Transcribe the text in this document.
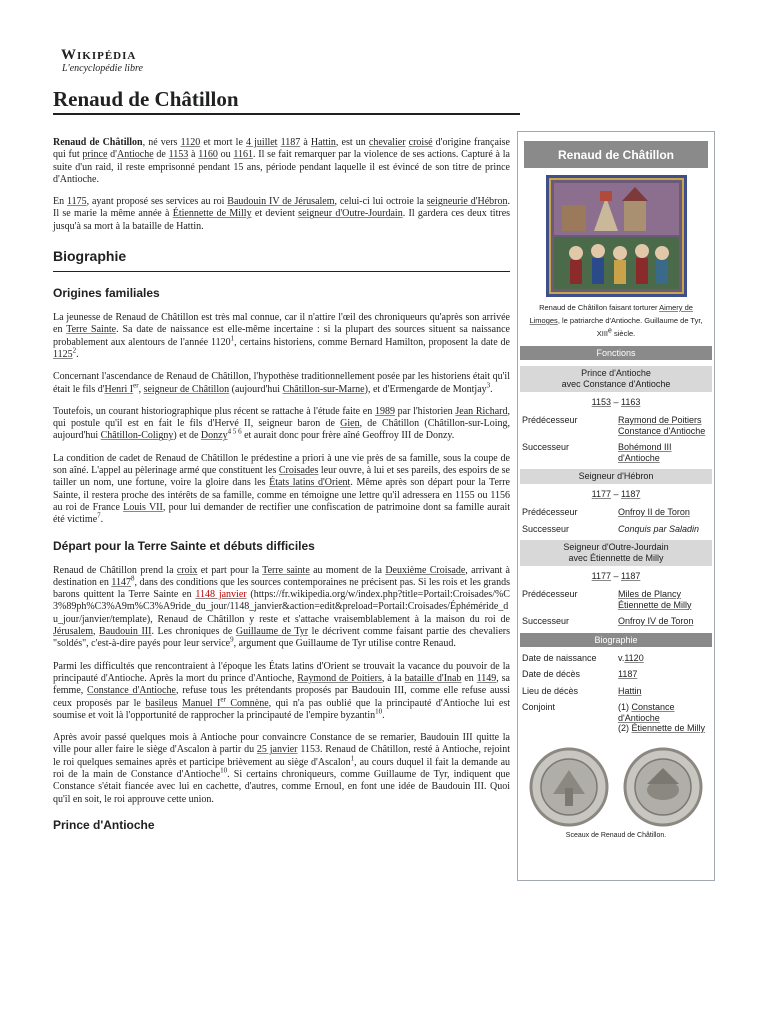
Wikipédia
L'encyclopédie libre
Renaud de Châtillon

Renaud de Châtillon, né vers 1120 et mort le 4 juillet 1187 à Hattin, est un chevalier croisé d'origine française qui fut prince d'Antioche de 1153 à 1160 ou 1161. Il se fait remarquer par la violence de ses actions. Capturé à la suite d'un raid, il reste emprisonné pendant 15 ans, période pendant laquelle il est évincé de son titre de prince d'Antioche.

En 1175, ayant proposé ses services au roi Baudouin IV de Jérusalem, celui-ci lui octroie la seigneurie d'Hébron. Il se marie la même année à Étiennette de Milly et devient seigneur d'Outre-Jourdain. Il gardera ces deux titres jusqu'à sa mort à la bataille de Hattin.

Biographie
Origines familiales

La jeunesse de Renaud de Châtillon est très mal connue, car il n'attire l'œil des chroniqueurs qu'après son arrivée en Terre Sainte. Sa date de naissance est elle-même incertaine : si la plupart des sources situent sa naissance probablement aux alentours de l'année 1120$^1$, certains historiens, comme Bernard Hamilton, proposent la date de 1125$^2$.

Concernant l'ascendance de Renaud de Châtillon, l'hypothèse traditionnellement posée par les historiens était qu'il était le fils d'Henri Ier, seigneur de Châtillon (aujourd'hui Châtillon-sur-Marne), et d'Ermengarde de Montjay$^3$.

Toutefois, un courant historiographique plus récent se rattache à l'étude faite en 1989 par l'historien Jean Richard, qui postule qu'il est en fait le fils d'Hervé II, seigneur baron de Gien, de Châtillon (Châtillon-sur-Loing, aujourd'hui Châtillon-Coligny) et de Donzy$^{4 5 6}$ et aurait donc pour frère aîné Geoffroy III de Donzy.

La condition de cadet de Renaud de Châtillon le prédestine a priori à une vie près de sa famille, sous la coupe de son aîné. L'appel au pèlerinage armé que constituent les Croisades leur ouvre, à lui et ses pareils, des espoirs de se tailler un nom, une fortune, voire la gloire dans les États latins d'Orient. Même après son départ pour la Terre Sainte, il restera proche des intérêts de sa famille, comme en témoigne une lettre qu'il adressera en 1155 ou 1156 au roi de France Louis VII, pour lui demander de rectifier une confiscation de patrimoine dont sa famille aurait été victime$^7$.

Départ pour la Terre Sainte et débuts difficiles

Renaud de Châtillon prend la croix et part pour la Terre sainte au moment de la Deuxième Croisade, arrivant à destination en 1147$^8$, dans des conditions que les sources contemporaines ne précisent pas. Si les rois et les grands barons quittent la Terre Sainte en 1148 janvier (https://fr.wikipedia.org/w/index.php?title=Portail:Croisades/%C3%89ph%C3%A9m%C3%A9ride_du_jour/1148_janvier&action=edit&preload=Portail:Croisades/Éphéméride_du_jour/janvier/template), Renaud de Châtillon y reste et s'attache vraisemblablement à la maison du roi de Jérusalem, Baudouin III. Les chroniques de Guillaume de Tyr le décrivent comme faisant partie des chevaliers "soldés", c'est-à-dire payés pour leur service$^9$, argument que Guillaume de Tyr utilise contre Renaud.

Parmi les difficultés que rencontraient à l'époque les États latins d'Orient se trouvait la vacance du pouvoir de la principauté d'Antioche. Après la mort du prince d'Antioche, Raymond de Poitiers, à la bataille d'Inab en 1149, sa femme, Constance d'Antioche, refuse tous les prétendants proposés par Baudouin III, comme elle refuse aussi ceux proposés par le basileus Manuel Ier Comnène, qui n'a pas oublié que la principauté d'Antioche lui est soumise et voit là l'opportunité de rapprocher la principauté de l'empire byzantin$^{10}$.

Après avoir passé quelques mois à Antioche pour convaincre Constance de se remarier, Baudouin III quitte la ville pour aller faire le siège d'Ascalon à partir du 25 janvier 1153. Renaud de Châtillon, resté à Antioche, rejoint le roi quelques semaines après et participe brièvement au siège d'Ascalon$^1$, au cours duquel il fait la demande au roi de la main de Constance d'Antioche$^{10}$. Si certains chroniqueurs, comme Guillaume de Tyr, indiquent que Constance s'était fiancée avec lui en cachette, d'autres, comme Ernoul, en font une idée de Baudouin III. Quoi qu'il en soit, le roi approuve cette union.

Prince d'Antioche
Renaud de Châtillon
Renaud de Châtillon faisant torturer Aimery de Limoges, le patriarche d'Antioche. Guillaume de Tyr, XIIIe siècle.
Fonctions
Prince d'Antioche
avec Constance d'Antioche
1153 – 1163
Prédécesseur	Raymond de Poitiers
Constance d'Antioche
Successeur	Bohémond III d'Antioche
Seigneur d'Hébron
1177 – 1187
Prédécesseur	Onfroy II de Toron
Successeur	Conquis par Saladin
Seigneur d'Outre-Jourdain
avec Étiennette de Milly
1177 – 1187
Prédécesseur	Miles de Plancy
Étiennette de Milly
Successeur	Onfroy IV de Toron
Biographie
Date de naissance	v.1120
Date de décès	1187
Lieu de décès	Hattin
Conjoint	(1) Constance d'Antioche
(2) Étiennette de Milly
Sceaux de Renaud de Châtillon.
